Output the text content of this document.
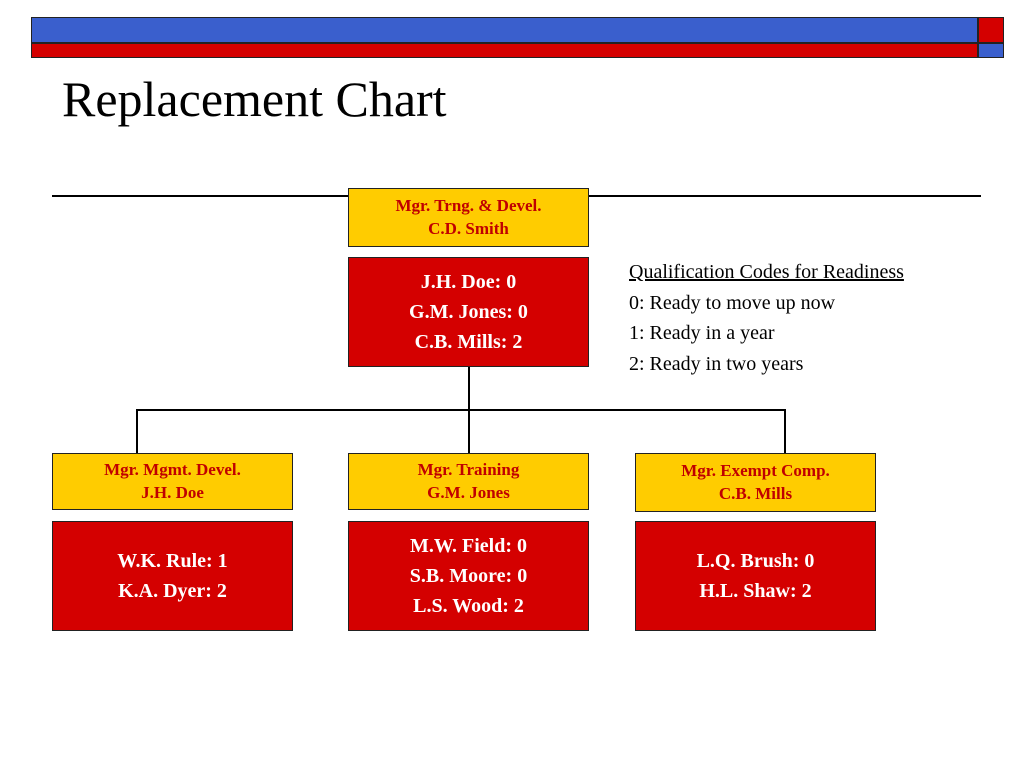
Replacement Chart
Mgr. Trng. & Devel.
C.D. Smith
J.H. Doe: 0
G.M. Jones: 0
C.B. Mills: 2
Qualification Codes for Readiness
0: Ready to move up now
1: Ready in a year
2: Ready in two years
Mgr. Mgmt. Devel.
J.H. Doe
W.K. Rule: 1
K.A. Dyer: 2
Mgr. Training
G.M. Jones
M.W. Field: 0
S.B. Moore: 0
L.S. Wood: 2
Mgr. Exempt Comp.
C.B. Mills
L.Q. Brush: 0
H.L. Shaw: 2
